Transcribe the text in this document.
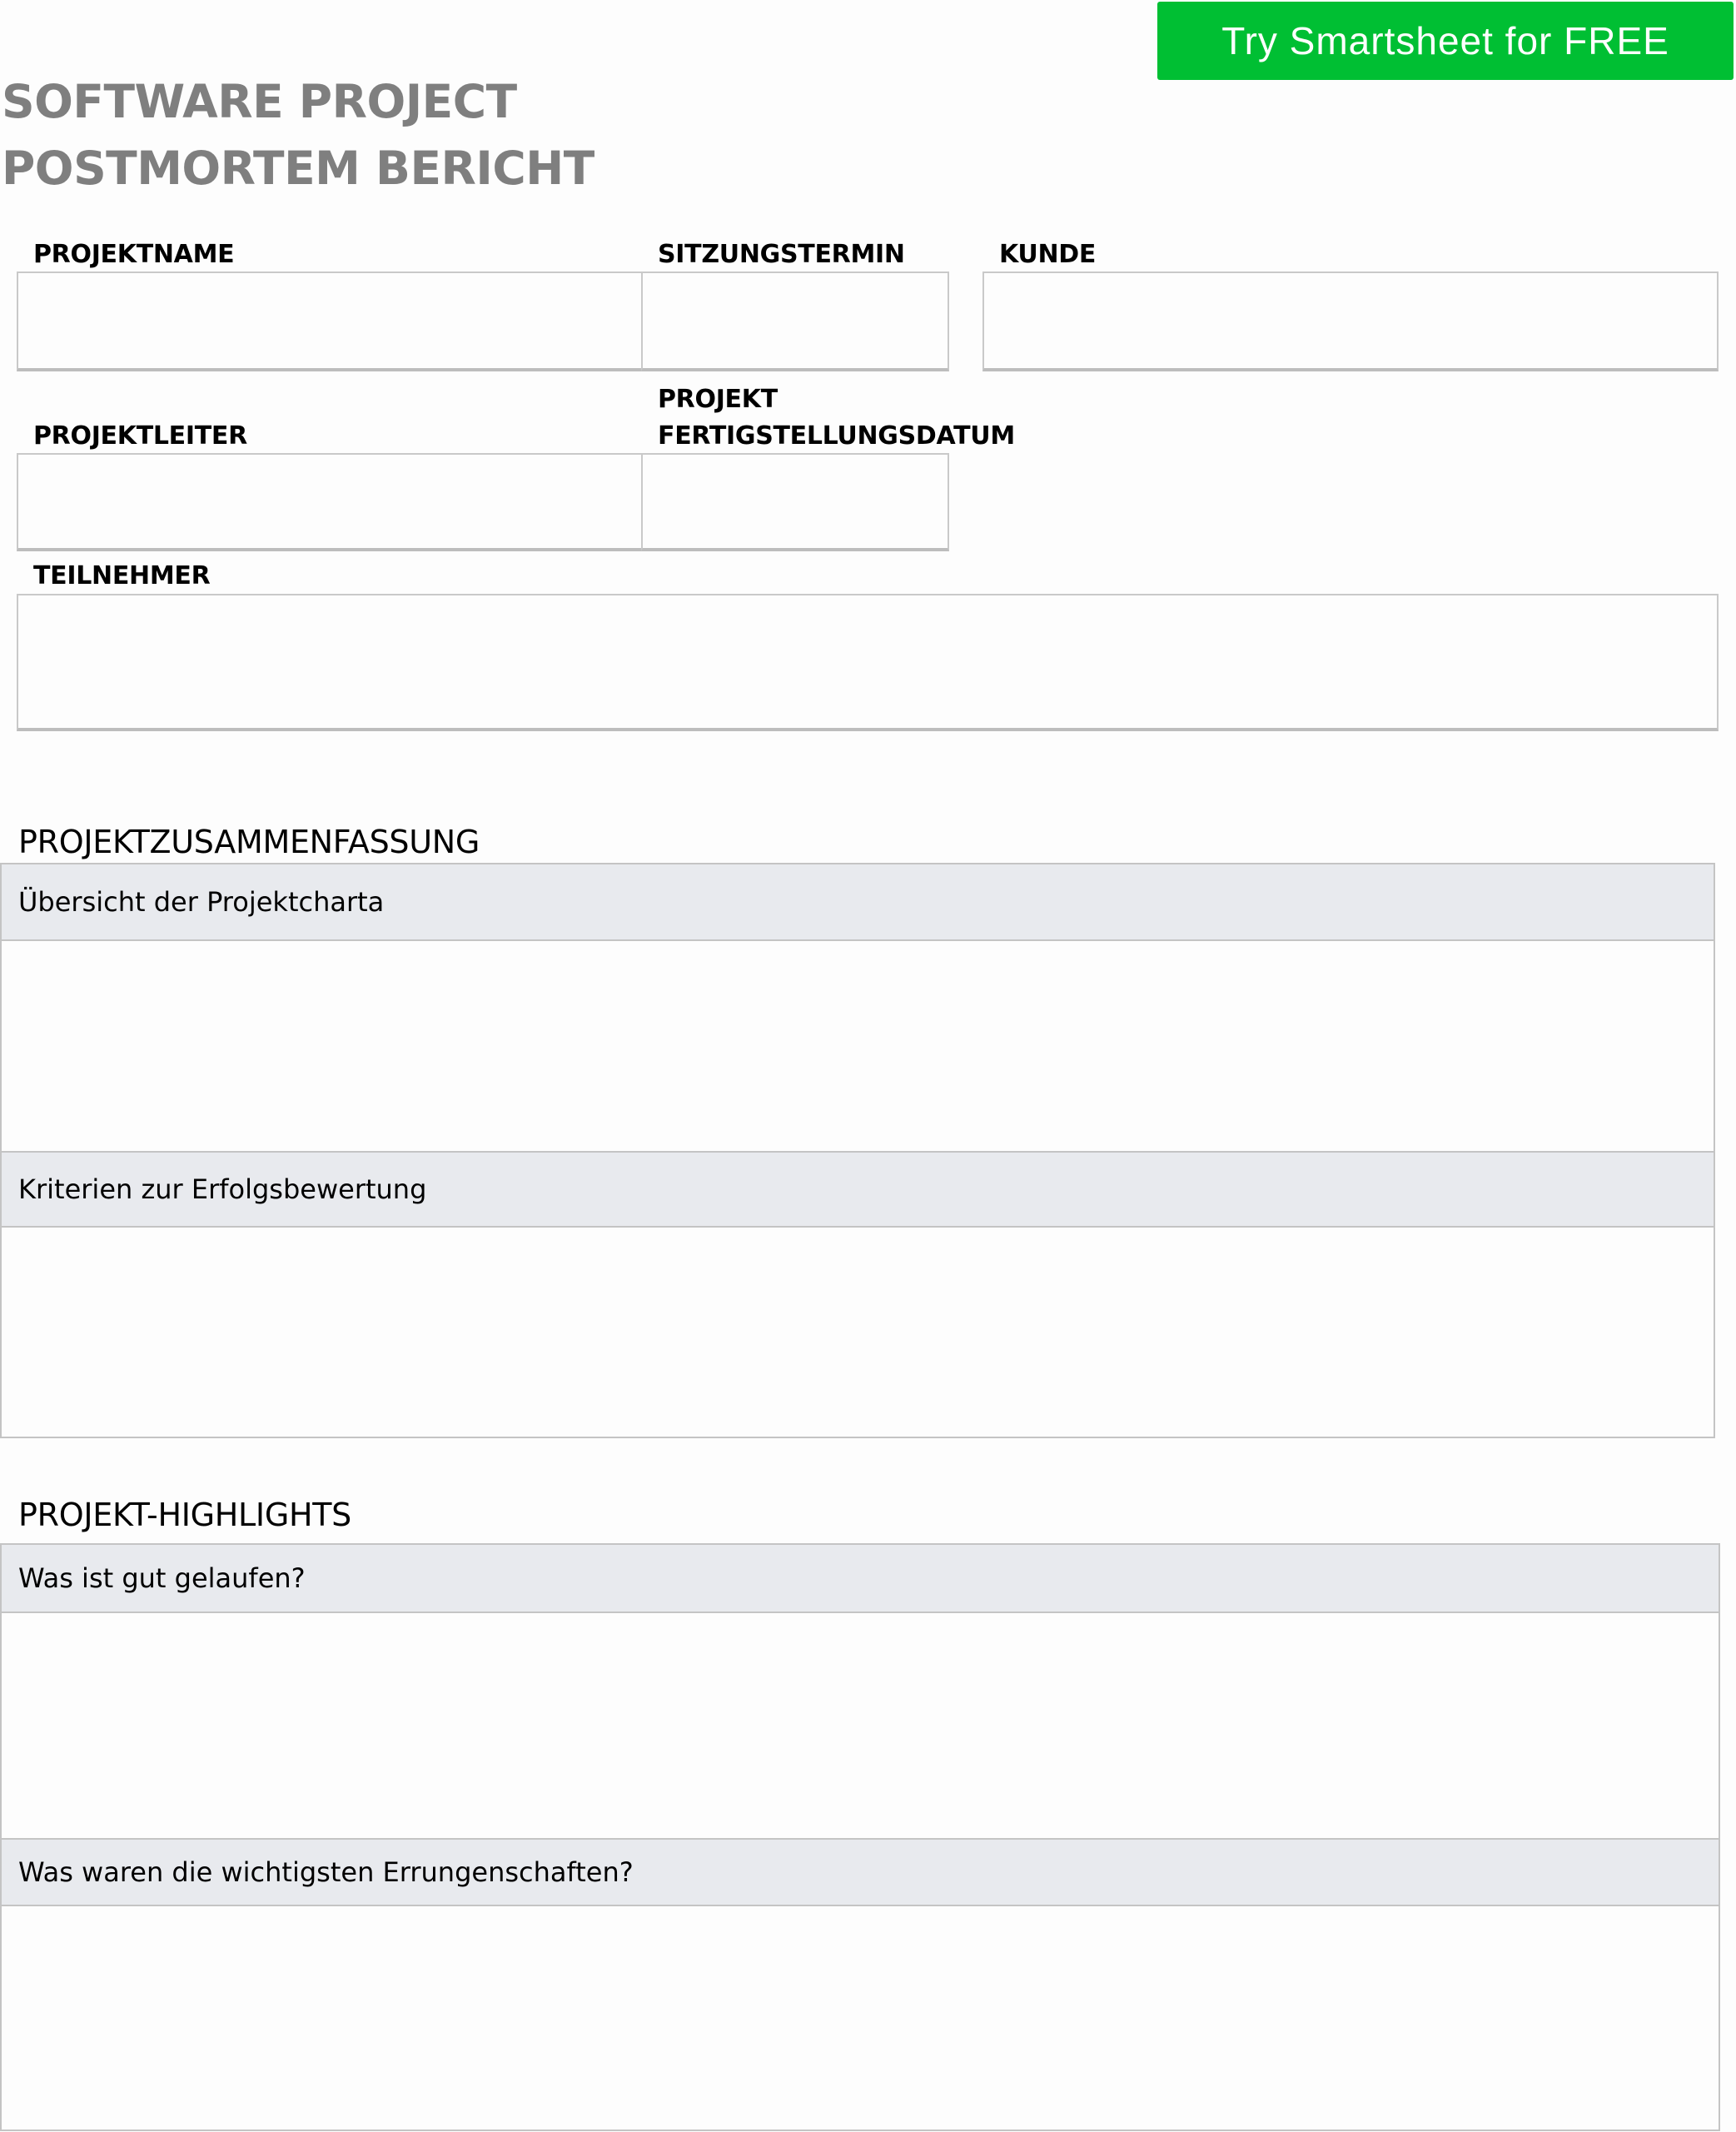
Try Smartsheet for FREE
SOFTWARE PROJECT
POSTMORTEM BERICHT
PROJEKTNAME	SITZUNGSTERMIN	KUNDE
PROJEKTLEITER
PROJEKT
FERTIGSTELLUNGSDATUM
TEILNEHMER
PROJEKTZUSAMMENFASSUNG
Übersicht der Projektcharta
Kriterien zur Erfolgsbewertung
PROJEKT-HIGHLIGHTS
Was ist gut gelaufen?
Was waren die wichtigsten Errungenschaften?
